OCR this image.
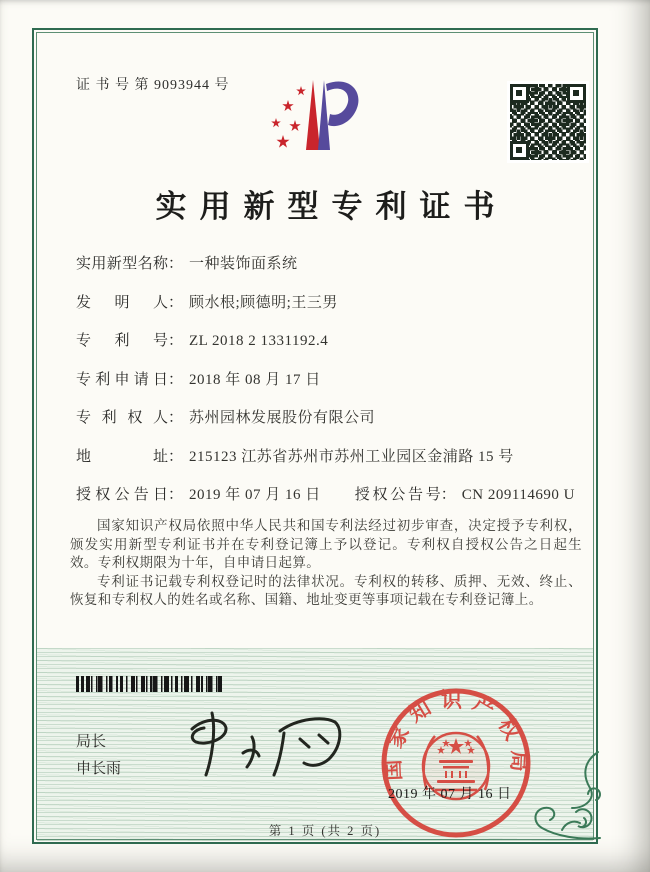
证 书 号 第 9093944 号
实用新型专利证书
实用新型名称 ： 一种装饰面系统
发明人 ： 顾水根;顾德明;王三男
专利号 ： ZL 2018 2 1331192.4
专利申请日 ： 2018 年 08 月 17 日
专利权人 ： 苏州园林发展股份有限公司
地址 ： 215123 江苏省苏州市苏州工业园区金浦路 15 号
授权公告日 ： 2019 年 07 月 16 日 授权公告号 ： CN 209114690 U

国家知识产权局依照中华人民共和国专利法经过初步审查，决定授予专利权，颁发实用新型专利证书并在专利登记簿上予以登记。专利权自授权公告之日起生效。专利权期限为十年，自申请日起算。

专利证书记载专利权登记时的法律状况。专利权的转移、质押、无效、终止、恢复和专利权人的姓名或名称、国籍、地址变更等事项记载在专利登记簿上。

局长
申长雨	国家知识产权局
2019 年 07 月 16 日
第 1 页 (共 2 页)
